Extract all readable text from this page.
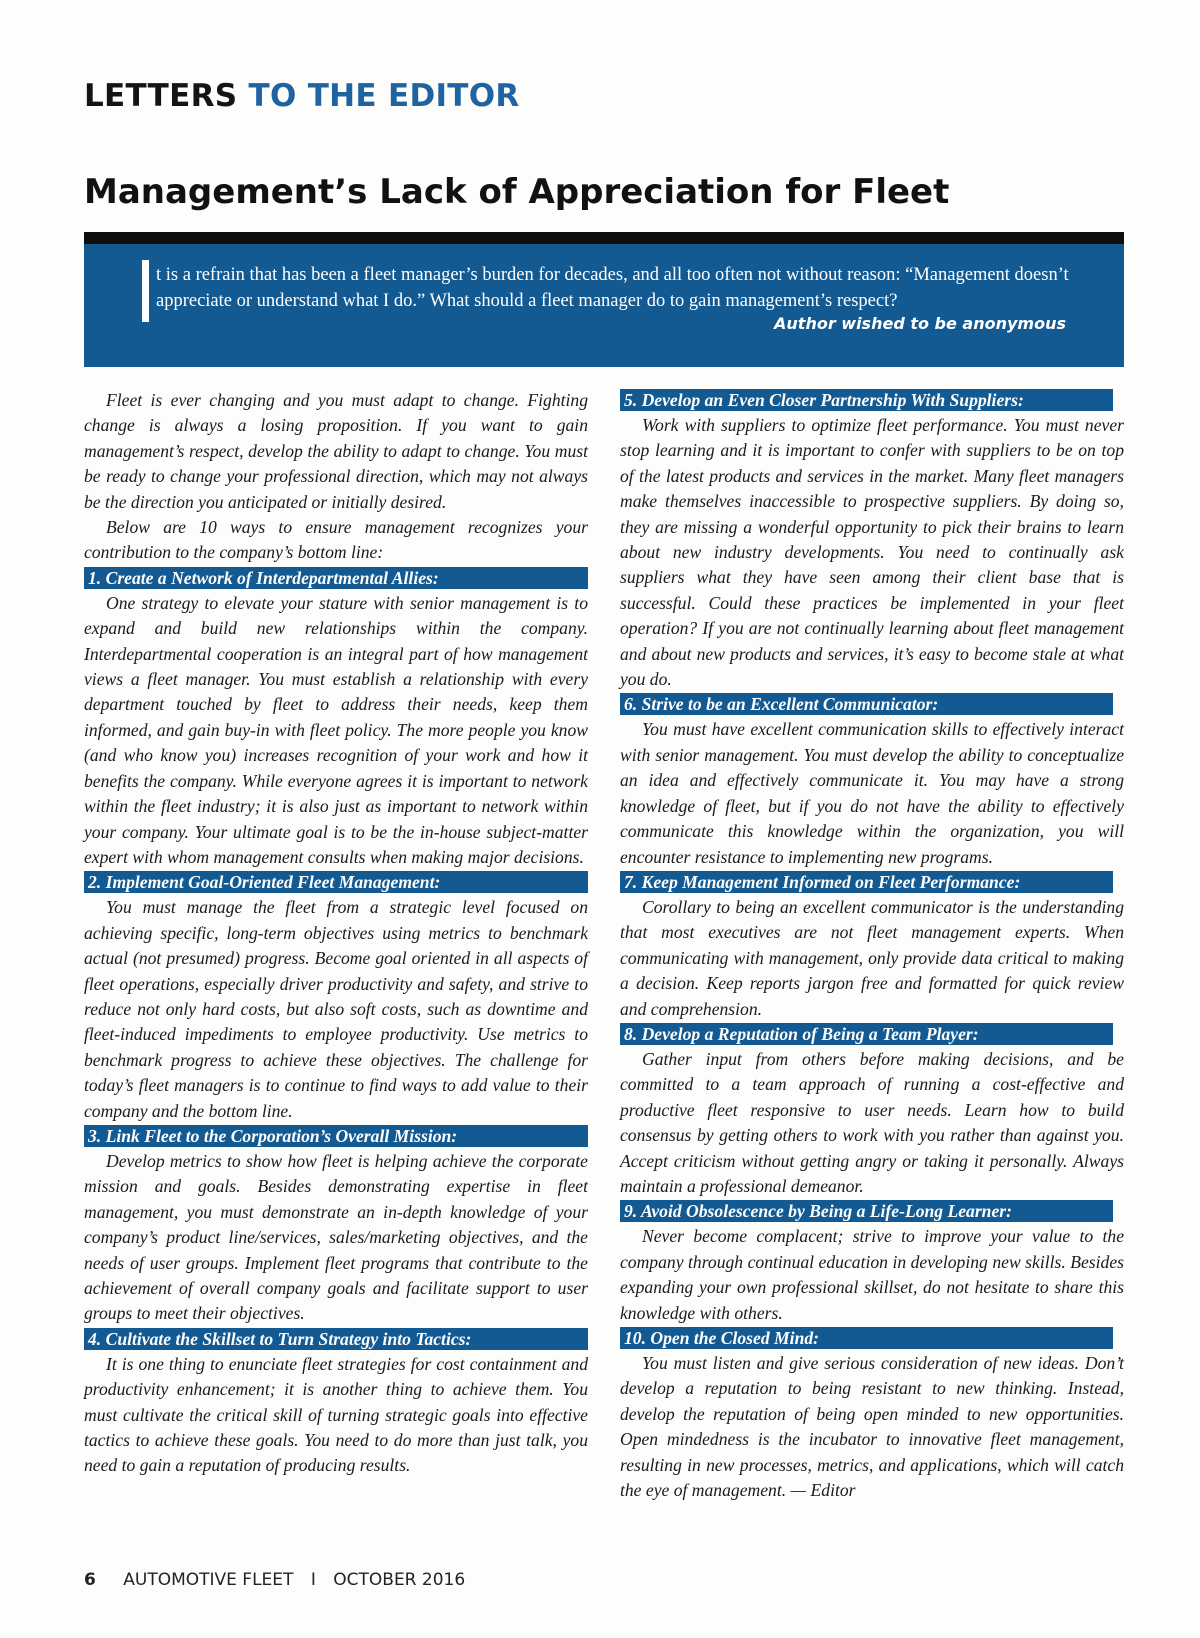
LETTERS TO THE EDITOR
Management’s Lack of Appreciation for Fleet

t is a refrain that has been a fleet manager’s burden for decades, and all too often not without reason: “Management doesn’t appreciate or understand what I do.” What should a fleet manager do to gain management’s respect?

Author wished to be anonymous

Fleet is ever changing and you must adapt to change. Fighting change is always a losing proposition. If you want to gain management’s respect, develop the ability to adapt to change. You must be ready to change your professional direction, which may not always be the direction you anticipated or initially desired.

Below are 10 ways to ensure management recognizes your contribution to the company’s bottom line:

1. Create a Network of Interdepartmental Allies:

One strategy to elevate your stature with senior management is to expand and build new relationships within the company. Interdepartmental cooperation is an integral part of how management views a fleet manager. You must establish a relationship with every department touched by fleet to address their needs, keep them informed, and gain buy-in with fleet policy. The more people you know (and who know you) increases recognition of your work and how it benefits the company. While everyone agrees it is important to network within the fleet industry; it is also just as important to network within your company. Your ultimate goal is to be the in-house subject-matter expert with whom management consults when making major decisions.

2. Implement Goal-Oriented Fleet Management:

You must manage the fleet from a strategic level focused on achieving specific, long-term objectives using metrics to benchmark actual (not presumed) progress. Become goal oriented in all aspects of fleet operations, especially driver productivity and safety, and strive to reduce not only hard costs, but also soft costs, such as downtime and fleet-induced impediments to employee productivity. Use metrics to benchmark progress to achieve these objectives. The challenge for today’s fleet managers is to continue to find ways to add value to their company and the bottom line.

3. Link Fleet to the Corporation’s Overall Mission:

Develop metrics to show how fleet is helping achieve the corporate mission and goals. Besides demonstrating expertise in fleet management, you must demonstrate an in-depth knowledge of your company’s product line/services, sales/marketing objectives, and the needs of user groups. Implement fleet programs that contribute to the achievement of overall company goals and facilitate support to user groups to meet their objectives.

4. Cultivate the Skillset to Turn Strategy into Tactics:

It is one thing to enunciate fleet strategies for cost containment and productivity enhancement; it is another thing to achieve them. You must cultivate the critical skill of turning strategic goals into effective tactics to achieve these goals. You need to do more than just talk, you need to gain a reputation of producing results.

5. Develop an Even Closer Partnership With Suppliers:

Work with suppliers to optimize fleet performance. You must never stop learning and it is important to confer with suppliers to be on top of the latest products and services in the market. Many fleet managers make themselves inaccessible to prospective suppliers. By doing so, they are missing a wonderful opportunity to pick their brains to learn about new industry developments. You need to continually ask suppliers what they have seen among their client base that is successful. Could these practices be implemented in your fleet operation? If you are not continually learning about fleet management and about new products and services, it’s easy to become stale at what you do.

6. Strive to be an Excellent Communicator:

You must have excellent communication skills to effectively interact with senior management. You must develop the ability to conceptualize an idea and effectively communicate it. You may have a strong knowledge of fleet, but if you do not have the ability to effectively communicate this knowledge within the organization, you will encounter resistance to implementing new programs.

7. Keep Management Informed on Fleet Performance:

Corollary to being an excellent communicator is the understanding that most executives are not fleet management experts. When communicating with management, only provide data critical to making a decision. Keep reports jargon free and formatted for quick review and comprehension.

8. Develop a Reputation of Being a Team Player:

Gather input from others before making decisions, and be committed to a team approach of running a cost-effective and productive fleet responsive to user needs. Learn how to build consensus by getting others to work with you rather than against you. Accept criticism without getting angry or taking it personally. Always maintain a professional demeanor.

9. Avoid Obsolescence by Being a Life-Long Learner:

Never become complacent; strive to improve your value to the company through continual education in developing new skills. Besides expanding your own professional skillset, do not hesitate to share this knowledge with others.

10. Open the Closed Mind:

You must listen and give serious consideration of new ideas. Don’t develop a reputation to being resistant to new thinking. Instead, develop the reputation of being open minded to new opportunities. Open mindedness is the incubator to innovative fleet management, resulting in new processes, metrics, and applications, which will catch the eye of management. — Editor

6 AUTOMOTIVE FLEET I OCTOBER 2016
